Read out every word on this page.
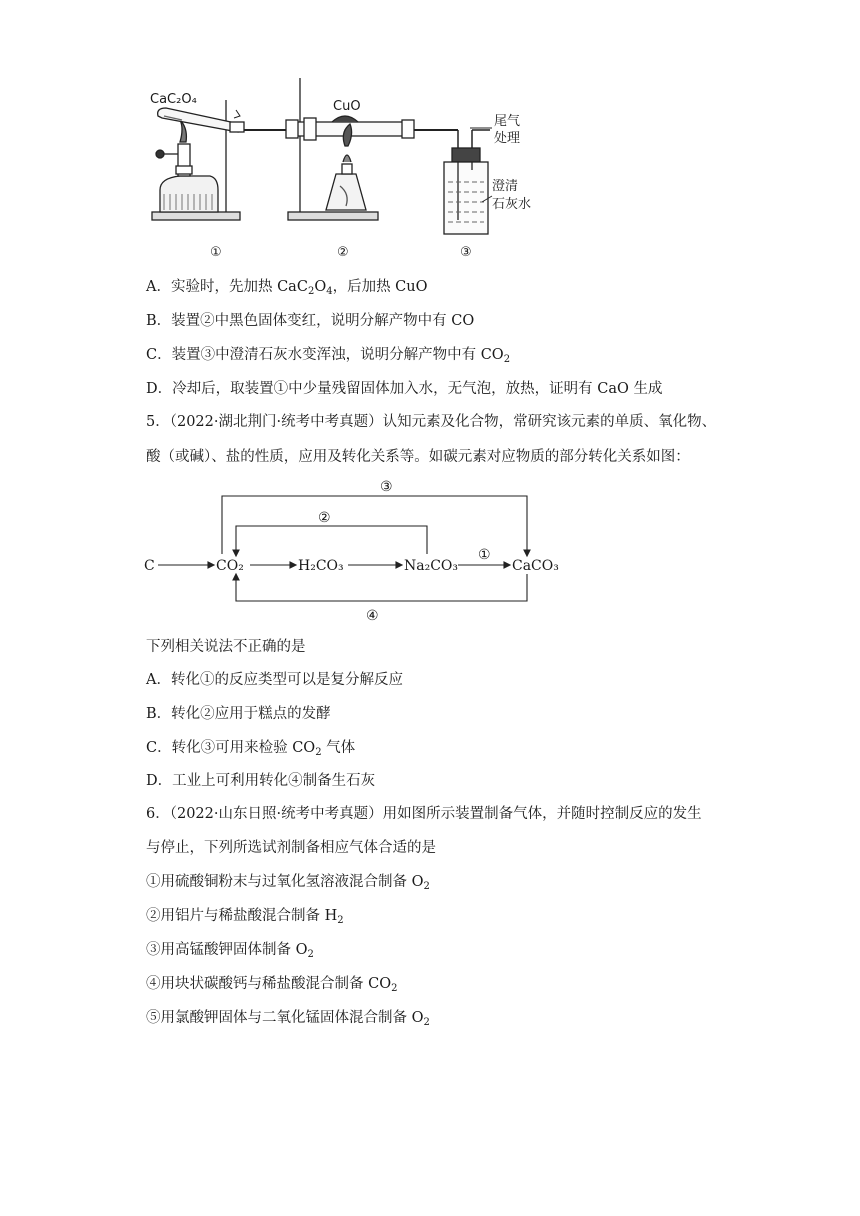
CaC₂O₄	CuO
尾气
处理
澄清
石灰水
①	②	③
A．实验时，先加热 $CaC_2O_4$，后加热 CuO
B．装置②中黑色固体变红，说明分解产物中有 CO
C．装置③中澄清石灰水变浑浊，说明分解产物中有 $CO_2$
D．冷却后，取装置①中少量残留固体加入水，无气泡，放热，证明有 CaO 生成
5．（2022·湖北荆门·统考中考真题）认知元素及化合物，常研究该元素的单质、氧化物、
酸（或碱）、盐的性质，应用及转化关系等。如碳元素对应物质的部分转化关系如图：
C	CO₂	H₂CO₃	Na₂CO₃	CaCO₃
①
②
③
④
下列相关说法不正确的是
A．转化①的反应类型可以是复分解反应
B．转化②应用于糕点的发酵
C．转化③可用来检验 $CO_2$ 气体
D．工业上可利用转化④制备生石灰
6．（2022·山东日照·统考中考真题）用如图所示装置制备气体，并随时控制反应的发生
与停止，下列所选试剂制备相应气体合适的是
①用硫酸铜粉末与过氧化氢溶液混合制备 $O_2$
②用铝片与稀盐酸混合制备 $H_2$
③用高锰酸钾固体制备 $O_2$
④用块状碳酸钙与稀盐酸混合制备 $CO_2$
⑤用氯酸钾固体与二氧化锰固体混合制备 $O_2$
